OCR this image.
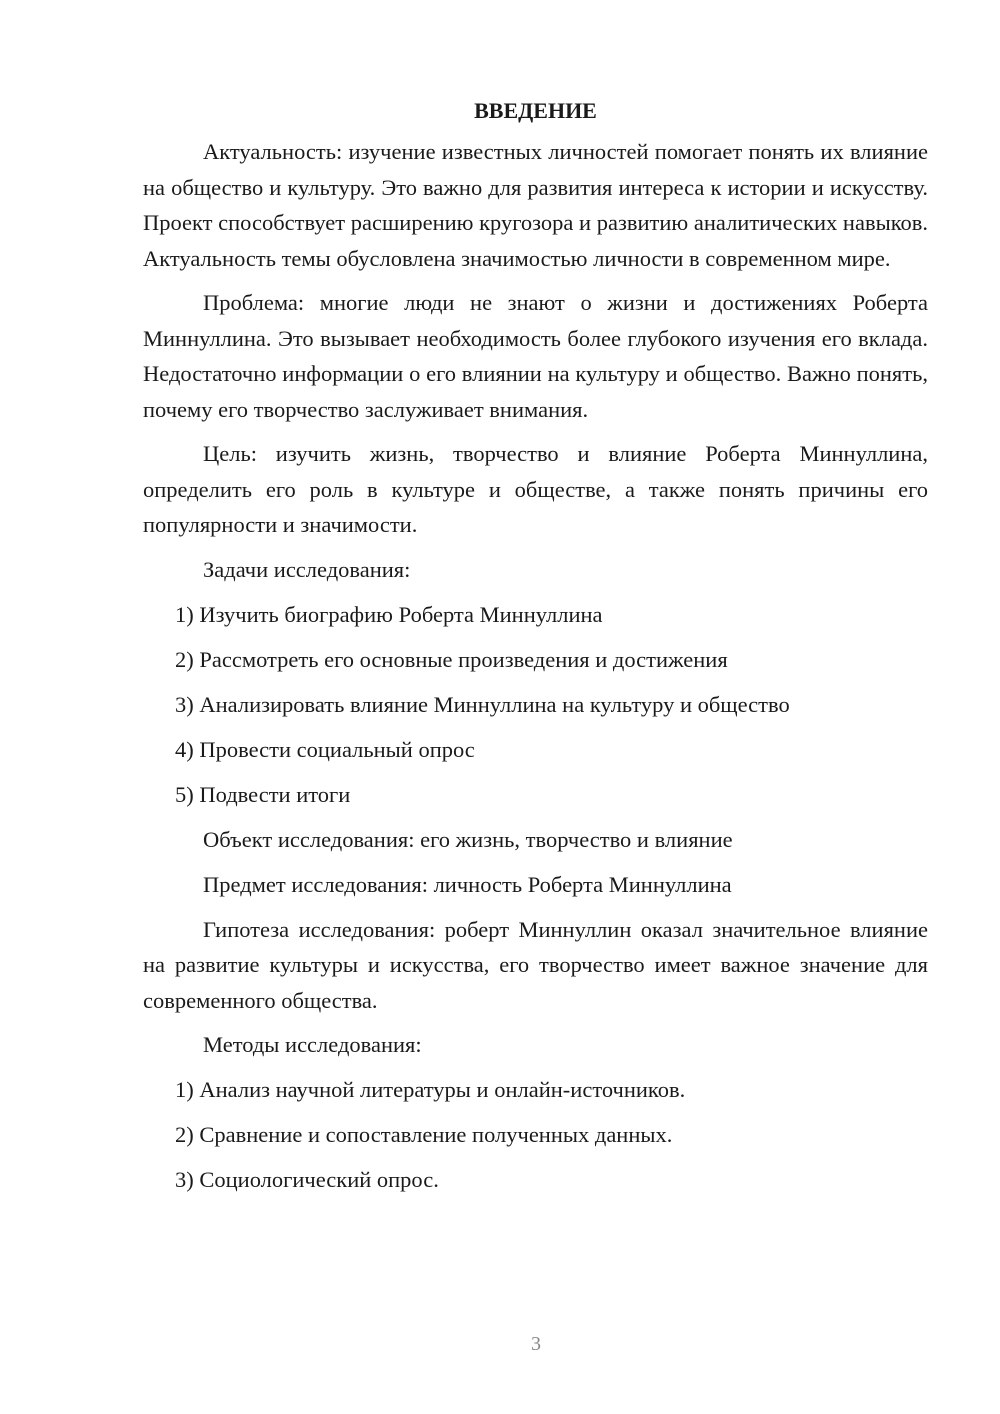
ВВЕДЕНИЕ

Актуальность: изучение известных личностей помогает понять их влияние на общество и культуру. Это важно для развития интереса к истории и искусству. Проект способствует расширению кругозора и развитию аналитических навыков. Актуальность темы обусловлена значимостью личности в современном мире.

Проблема: многие люди не знают о жизни и достижениях Роберта Миннуллина. Это вызывает необходимость более глубокого изучения его вклада. Недостаточно информации о его влиянии на культуру и общество. Важно понять, почему его творчество заслуживает внимания.

Цель: изучить жизнь, творчество и влияние Роберта Миннуллина, определить его роль в культуре и обществе, а также понять причины его популярности и значимости.

Задачи исследования:
1) Изучить биографию Роберта Миннуллина
2) Рассмотреть его основные произведения и достижения
3) Анализировать влияние Миннуллина на культуру и общество
4) Провести социальный опрос
5) Подвести итоги
Объект исследования: его жизнь, творчество и влияние
Предмет исследования: личность Роберта Миннуллина

Гипотеза исследования: роберт Миннуллин оказал значительное влияние на развитие культуры и искусства, его творчество имеет важное значение для современного общества.

Методы исследования:
1) Анализ научной литературы и онлайн-источников.
2) Сравнение и сопоставление полученных данных.
3) Социологический опрос.
3
